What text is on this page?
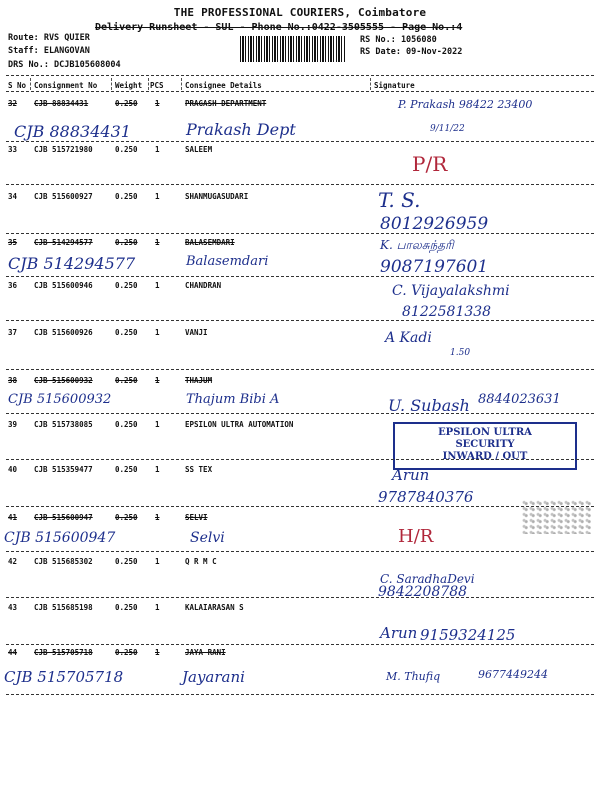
THE PROFESSIONAL COURIERS, Coimbatore
Delivery Runsheet - SUL - Phone No.:0422-3505555 - Page No.:4
Route: RVS QUIER
Staff: ELANGOVAN
DRS No.: DCJB105608004
RS No.: 1056080
RS Date: 09-Nov-2022
S No Consignment No Weight PCS	Consignee Details	Signature
32 CJB 88834431	0.250 1	PRAGASH DEPARTMENT
CJB 88834431	Prakash Dept
P. Prakash 98422 23400
9/11/22
33 CJB 515721980	0.250 1	SALEEM
P/R
34 CJB 515600927	0.250 1	SHANMUGASUDARI	T. S.
8012926959
35 CJB 514294577	0.250 1	BALASEMDARI
CJB 514294577	Balasemdari
K. பாலசுந்தரி
9087197601
36 CJB 515600946	0.250 1	CHANDRAN	C. Vijayalakshmi
8122581338
37 CJB 515600926	0.250 1	VANJI	A Kadi
1.50
38 CJB 515600932	0.250 1	THAJUM
CJB 515600932	Thajum Bibi A	U. Subash 8844023631
39 CJB 515738085	0.250 1	EPSILON ULTRA AUTOMATION
EPSILON ULTRA
SECURITY
INWARD / OUT
40 CJB 515359477	0.250 1	SS TEX	Arun
9787840376
41 CJB 515600947	0.250 1	SELVI
CJB 515600947	Selvi	H/R
42 CJB 515685302	0.250 1	Q R M C
C. SaradhaDevi
9842208788
43 CJB 515685198	0.250 1	KALAIARASAN S
Arun 9159324125
44 CJB 515705718	0.250 1	JAYA RANI
CJB 515705718	Jayarani	M. Thufiq	9677449244
